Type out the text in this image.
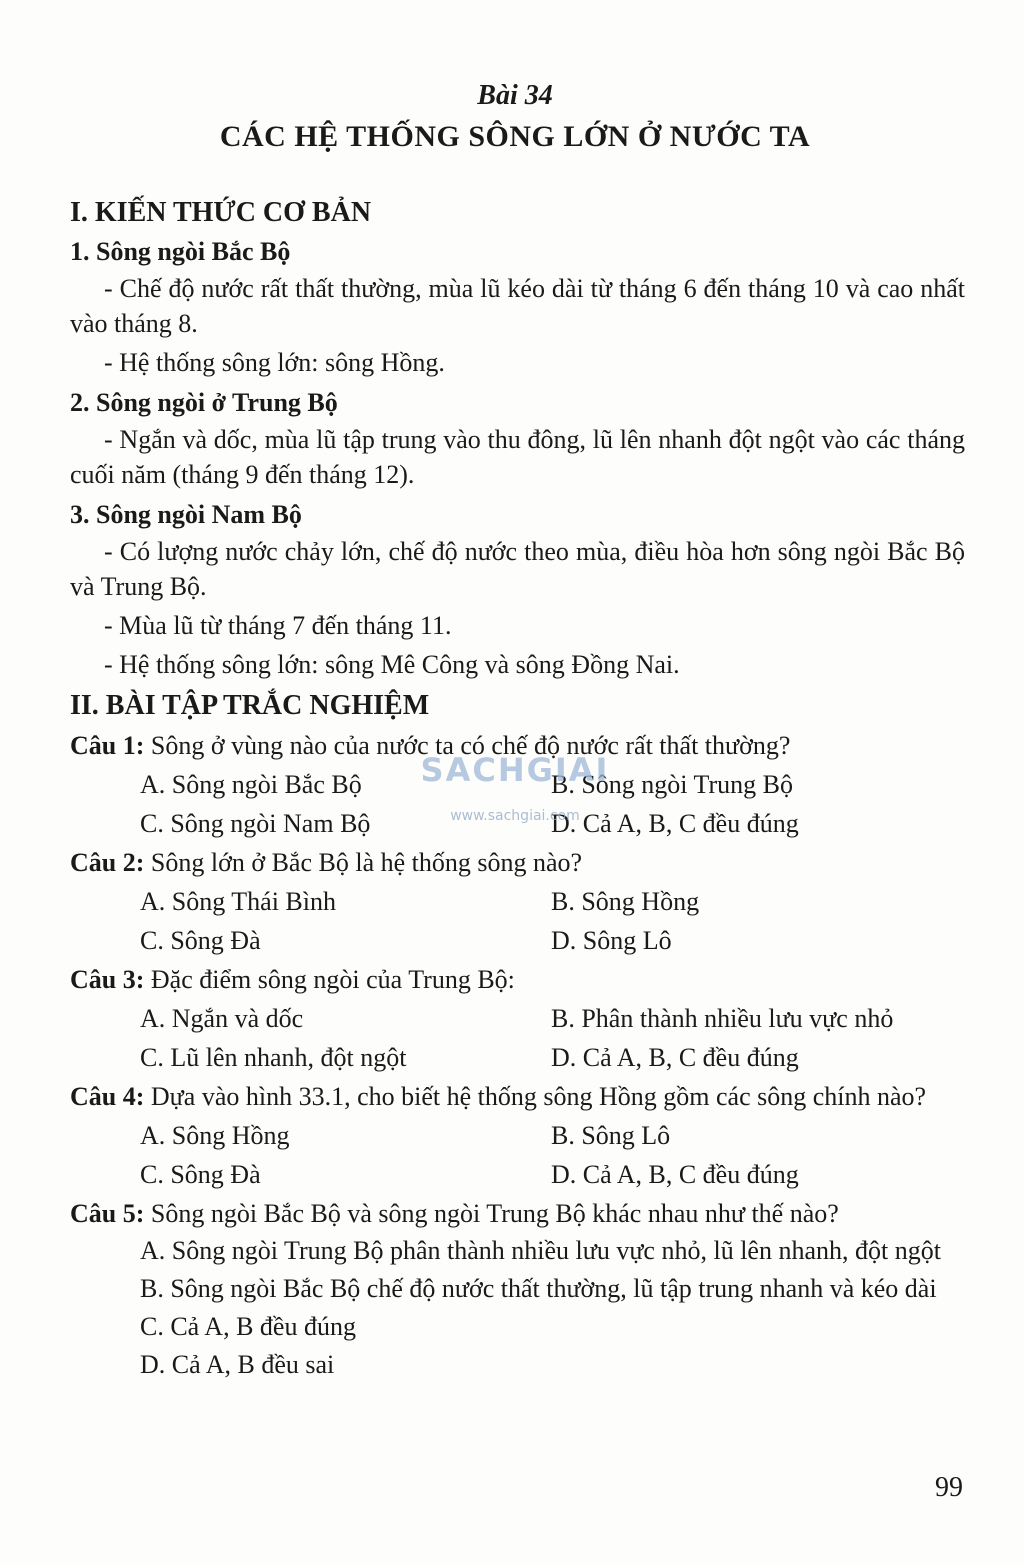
Bài 34
CÁC HỆ THỐNG SÔNG LỚN Ở NƯỚC TA
I. KIẾN THỨC CƠ BẢN
1. Sông ngòi Bắc Bộ
- Chế độ nước rất thất thường, mùa lũ kéo dài từ tháng 6 đến tháng 10 và cao nhất vào tháng 8.
- Hệ thống sông lớn: sông Hồng.
2. Sông ngòi ở Trung Bộ
- Ngắn và dốc, mùa lũ tập trung vào thu đông, lũ lên nhanh đột ngột vào các tháng cuối năm (tháng 9 đến tháng 12).
3. Sông ngòi Nam Bộ
- Có lượng nước chảy lớn, chế độ nước theo mùa, điều hòa hơn sông ngòi Bắc Bộ và Trung Bộ.
- Mùa lũ từ tháng 7 đến tháng 11.
- Hệ thống sông lớn: sông Mê Công và sông Đồng Nai.
II. BÀI TẬP TRẮC NGHIỆM
Câu 1: Sông ở vùng nào của nước ta có chế độ nước rất thất thường?
A. Sông ngòi Bắc Bộ	B. Sông ngòi Trung Bộ
C. Sông ngòi Nam Bộ	D. Cả A, B, C đều đúng
Câu 2: Sông lớn ở Bắc Bộ là hệ thống sông nào?
A. Sông Thái Bình	B. Sông Hồng
C. Sông Đà	D. Sông Lô
Câu 3: Đặc điểm sông ngòi của Trung Bộ:
A. Ngắn và dốc	B. Phân thành nhiều lưu vực nhỏ
C. Lũ lên nhanh, đột ngột	D. Cả A, B, C đều đúng
Câu 4: Dựa vào hình 33.1, cho biết hệ thống sông Hồng gồm các sông chính nào?
A. Sông Hồng	B. Sông Lô
C. Sông Đà	D. Cả A, B, C đều đúng
Câu 5: Sông ngòi Bắc Bộ và sông ngòi Trung Bộ khác nhau như thế nào?
A. Sông ngòi Trung Bộ phân thành nhiều lưu vực nhỏ, lũ lên nhanh, đột ngột
B. Sông ngòi Bắc Bộ chế độ nước thất thường, lũ tập trung nhanh và kéo dài
C. Cả A, B đều đúng
D. Cả A, B đều sai
SACHGIAI
www.sachgiai.com
99
